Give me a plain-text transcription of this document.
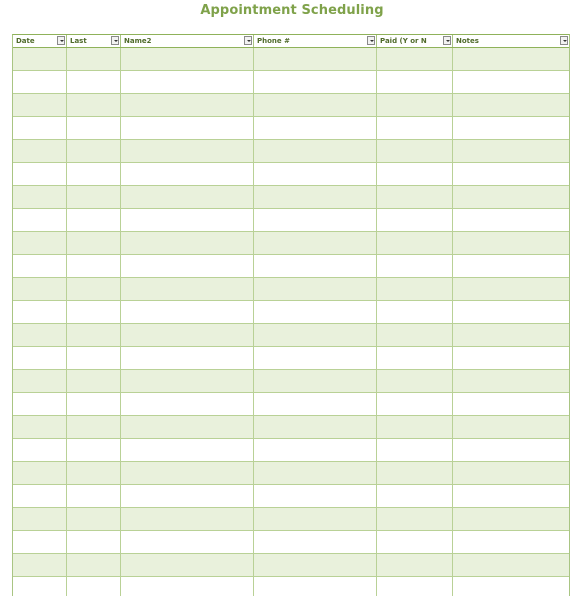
Appointment Scheduling
Date	Last	Name2	Phone #	Paid (Y or N	Notes
